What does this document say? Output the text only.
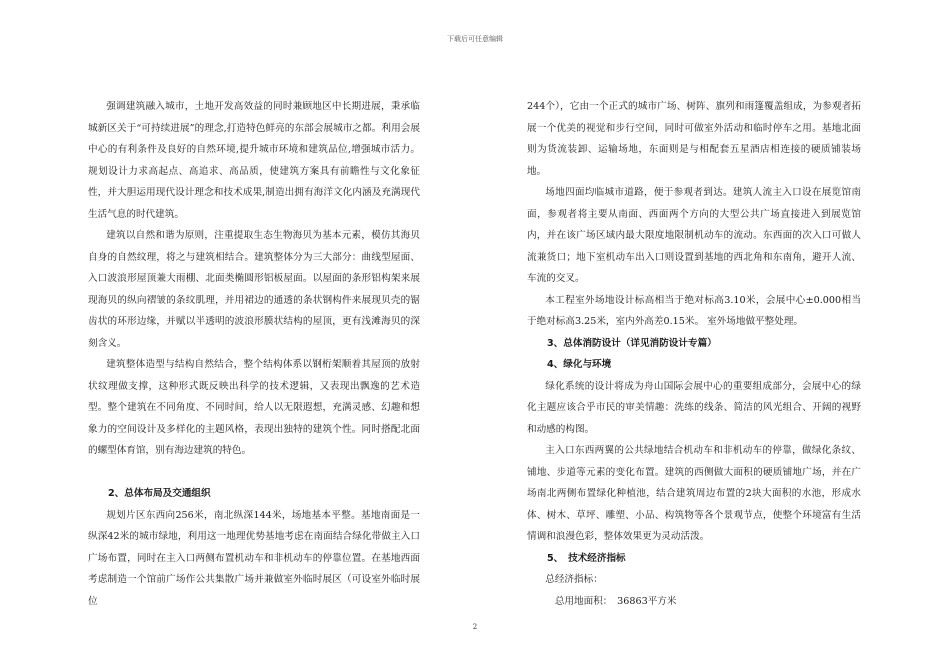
下载后可任意编辑

强调建筑融入城市，土地开发高效益的同时兼顾地区中长期进展，秉承临城新区关于“可持续进展”的理念,打造特色鲜亮的东部会展城市之都。利用会展中心的有利条件及良好的自然环境,提升城市环境和建筑品位,增强城市活力。规划设计力求高起点、高追求、高品质，使建筑方案具有前瞻性与文化象征性，并大胆运用现代设计理念和技术成果,制造出拥有海洋文化内涵及充满现代生活气息的时代建筑。

建筑以自然和谐为原则，注重提取生态生物海贝为基本元素，模仿其海贝自身的自然纹理，将之与建筑相结合。建筑整体分为三大部分：曲线型屋面、入口波浪形屋顶兼大雨棚、北面类椭圆形铝板屋面。以屋面的条形铝构架来展现海贝的纵向褶皱的条纹肌理，并用裙边的通透的条状钢构件来展现贝壳的锯齿状的环形边缘，并赋以半透明的波浪形膜状结构的屋顶，更有浅滩海贝的深刻含义。

建筑整体造型与结构自然结合，整个结构体系以钢桁架顺着其屋顶的放射状纹理做支撑，这种形式既反映出科学的技术逻辑，又表现出飘逸的艺术造型。整个建筑在不同角度、不同时间，给人以无限遐想，充满灵感、幻趣和想象力的空间设计及多样化的主题风格，表现出独特的建筑个性。同时搭配北面的螺型体育馆，别有海边建筑的特色。

2、总体布局及交通组织

规划片区东西向256米，南北纵深144米，场地基本平整。基地南面是一纵深42米的城市绿地，利用这一地理优势基地考虑在南面结合绿化带做主入口广场布置，同时在主入口两侧布置机动车和非机动车的停靠位置。在基地西面考虑制造一个馆前广场作公共集散广场并兼做室外临时展区（可设室外临时展位

244个），它由一个正式的城市广场、树阵、旗列和雨篷覆盖组成，为参观者拓展一个优美的视觉和步行空间，同时可做室外活动和临时停车之用。基地北面则为货流装卸、运输场地，东面则是与相配套五星酒店相连接的硬质铺装场地。

场地四面均临城市道路，便于参观者到达。建筑人流主入口设在展览馆南面，参观者将主要从南面、西面两个方向的大型公共广场直接进入到展览馆内，并在该广场区域内最大限度地限制机动车的流动。东西面的次入口可做人流兼货口；地下室机动车出入口则设置到基地的西北角和东南角，避开人流、车流的交叉。

本工程室外场地设计标高相当于绝对标高3.10米，会展中心±0.000相当于绝对标高3.25米，室内外高差0.15米。 室外场地做平整处理。

3、总体消防设计（详见消防设计专篇）
4、绿化与环境

绿化系统的设计将成为舟山国际会展中心的重要组成部分，会展中心的绿化主题应该合乎市民的审美情趣：洗练的线条、简洁的风光组合、开阔的视野和动感的构图。

主入口东西两翼的公共绿地结合机动车和非机动车的停靠，做绿化条纹、铺地、步道等元素的变化布置。建筑的西侧做大面积的硬质铺地广场，并在广场南北两侧布置绿化种植池，结合建筑周边布置的2块大面积的水池，形成水体、树木、草坪、雕塑、小品、构筑物等各个景观节点，使整个环境富有生活情调和浪漫色彩，整体效果更为灵动活泼。

5、　技术经济指标

总经济指标：

　总用地面积：　36863平方米

2
